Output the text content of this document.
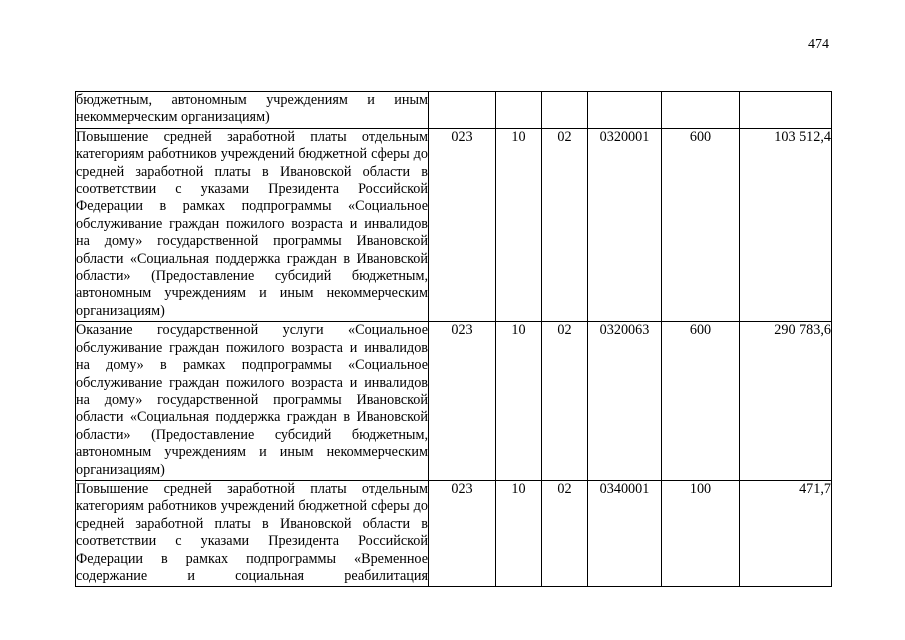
474
бюджетным, автономным учреждениям и иным некоммерческим организациям)						
Повышение средней заработной платы отдельным категориям работников учреждений бюджетной сферы до средней заработной платы в Ивановской области в соответствии с указами Президента Российской Федерации в рамках подпрограммы «Социальное обслуживание граждан пожилого возраста и инвалидов на дому» государственной программы Ивановской области «Социальная поддержка граждан в Ивановской области» (Предоставление субсидий бюджетным, автономным учреждениям и иным некоммерческим организациям)	023	10	02	0320001	600	103 512,4
Оказание государственной услуги «Социальное обслуживание граждан пожилого возраста и инвалидов на дому» в рамках подпрограммы «Социальное обслуживание граждан пожилого возраста и инвалидов на дому» государственной программы Ивановской области «Социальная поддержка граждан в Ивановской области» (Предоставление субсидий бюджетным, автономным учреждениям и иным некоммерческим организациям)	023	10	02	0320063	600	290 783,6
Повышение средней заработной платы отдельным категориям работников учреждений бюджетной сферы до средней заработной платы в Ивановской области в соответствии с указами Президента Российской Федерации в рамках подпрограммы «Временное содержание и социальная реабилитация	023	10	02	0340001	100	471,7
